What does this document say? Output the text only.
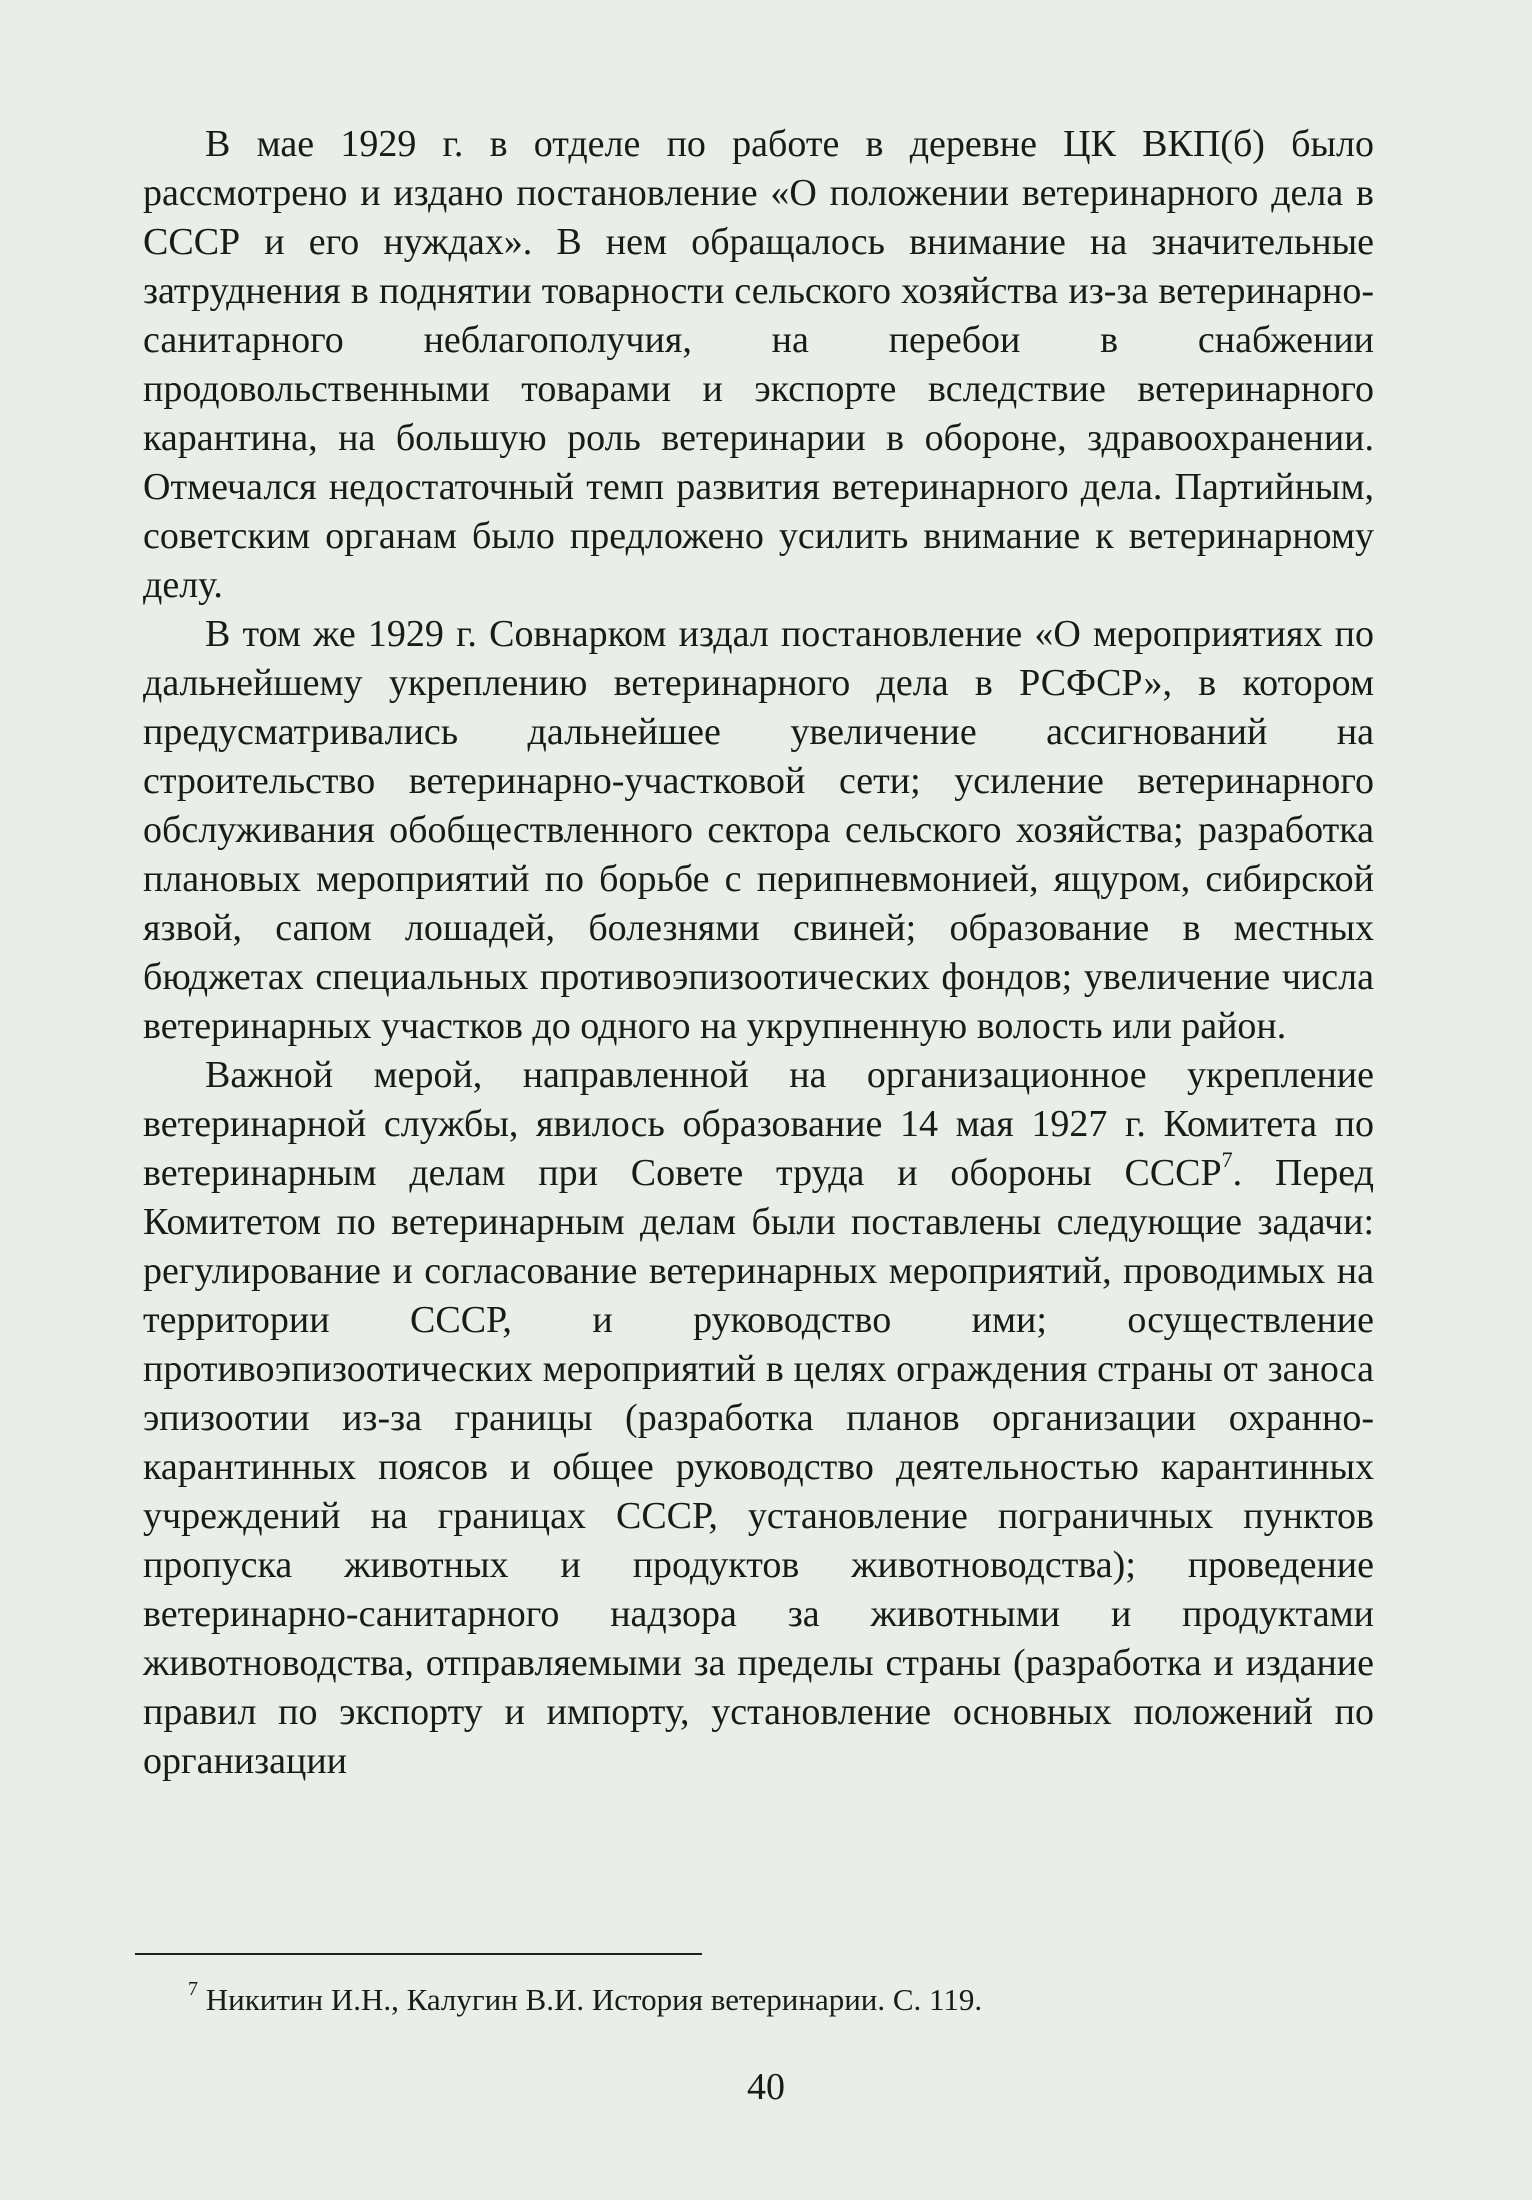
В мае 1929 г. в отделе по работе в деревне ЦК ВКП(б) было рассмотрено и издано постановление «О положении ветеринарного дела в СССР и его нуждах». В нем обращалось внимание на значительные затруднения в поднятии товарности сельского хозяйства из-за ветеринарно-санитарного неблагополучия, на перебои в снабжении продовольственными товарами и экспорте вследствие ветеринарного карантина, на большую роль ветеринарии в обороне, здравоохранении. Отмечался недостаточный темп развития ветеринарного дела. Партийным, советским органам было предложено усилить внимание к ветеринарному делу.

В том же 1929 г. Совнарком издал постановление «О мероприятиях по дальнейшему укреплению ветеринарного дела в РСФСР», в котором предусматривались дальнейшее увеличение ассигнований на строительство ветеринарно-участковой сети; усиление ветеринарного обслуживания обобществленного сектора сельского хозяйства; разработка плановых мероприятий по борьбе с перипневмонией, ящуром, сибирской язвой, сапом лошадей, болезнями свиней; образование в местных бюджетах специальных противоэпизоотических фондов; увеличение числа ветеринарных участков до одного на укрупненную волость или район.

Важной мерой, направленной на организационное укрепление ветеринарной службы, явилось образование 14 мая 1927 г. Комитета по ветеринарным делам при Совете труда и обороны СССР$^7$. Перед Комитетом по ветеринарным делам были поставлены следующие задачи: регулирование и согласование ветеринарных мероприятий, проводимых на территории СССР, и руководство ими; осуществление противоэпизоотических мероприятий в целях ограждения страны от заноса эпизоотии из-за границы (разработка планов организации охранно-карантинных поясов и общее руководство деятельностью карантинных учреждений на границах СССР, установление пограничных пунктов пропуска животных и продуктов животноводства); проведение ветеринарно-санитарного надзора за животными и продуктами животноводства, отправляемыми за пределы страны (разработка и издание правил по экспорту и импорту, установление основных положений по организации

$^7$ Никитин И.Н., Калугин В.И. История ветеринарии. С. 119.
40
